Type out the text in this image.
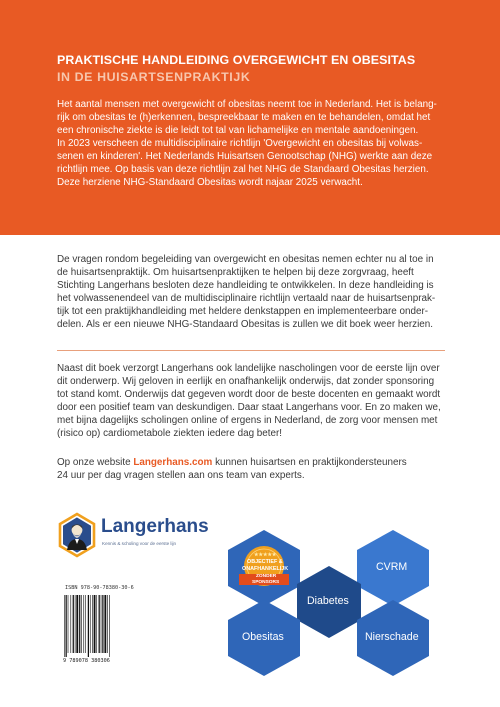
PRAKTISCHE HANDLEIDING OVERGEWICHT EN OBESITAS
IN DE HUISARTSENPRAKTIJK

Het aantal mensen met overgewicht of obesitas neemt toe in Nederland. Het is belang-

rijk om obesitas te (h)erkennen, bespreekbaar te maken en te behandelen, omdat het

een chronische ziekte is die leidt tot tal van lichamelijke en mentale aandoeningen.

In 2023 verscheen de multidisciplinaire richtlijn 'Overgewicht en obesitas bij volwas-

senen en kinderen'. Het Nederlands Huisartsen Genootschap (NHG) werkte aan deze

richtlijn mee. Op basis van deze richtlijn zal het NHG de Standaard Obesitas herzien.

Deze herziene NHG-Standaard Obesitas wordt najaar 2025 verwacht.

De vragen rondom begeleiding van overgewicht en obesitas nemen echter nu al toe in
de huisartsenpraktijk. Om huisartsenpraktijken te helpen bij deze zorgvraag, heeft
Stichting Langerhans besloten deze handleiding te ontwikkelen. In deze handleiding is
het volwassenendeel van de multidisciplinaire richtlijn vertaald naar de huisartsenprak-
tijk tot een praktijkhandleiding met heldere denkstappen en implementeerbare onder-
delen. Als er een nieuwe NHG-Standaard Obesitas is zullen we dit boek weer herzien.
Naast dit boek verzorgt Langerhans ook landelijke nascholingen voor de eerste lijn over
dit onderwerp. Wij geloven in eerlijk en onafhankelijk onderwijs, dat zonder sponsoring
tot stand komt. Onderwijs dat gegeven wordt door de beste docenten en gemaakt wordt
door een positief team van deskundigen. Daar staat Langerhans voor. En zo maken we,
met bijna dagelijks scholingen online of ergens in Nederland, de zorg voor mensen met
(risico op) cardiometabole ziekten iedere dag beter!
Op onze website Langerhans.com kunnen huisartsen en praktijkondersteuners
24 uur per dag vragen stellen aan ons team van experts.
Langerhans
Kennis & scholing voor de eerste lijn
ISBN 978-90-78380-30-6
9 789078 380306
★★★★★
OBJECTIEF &
ONAFHANKELIJK
ZONDER
SPONSORS
CVRM
Diabetes
Obesitas	Nierschade
